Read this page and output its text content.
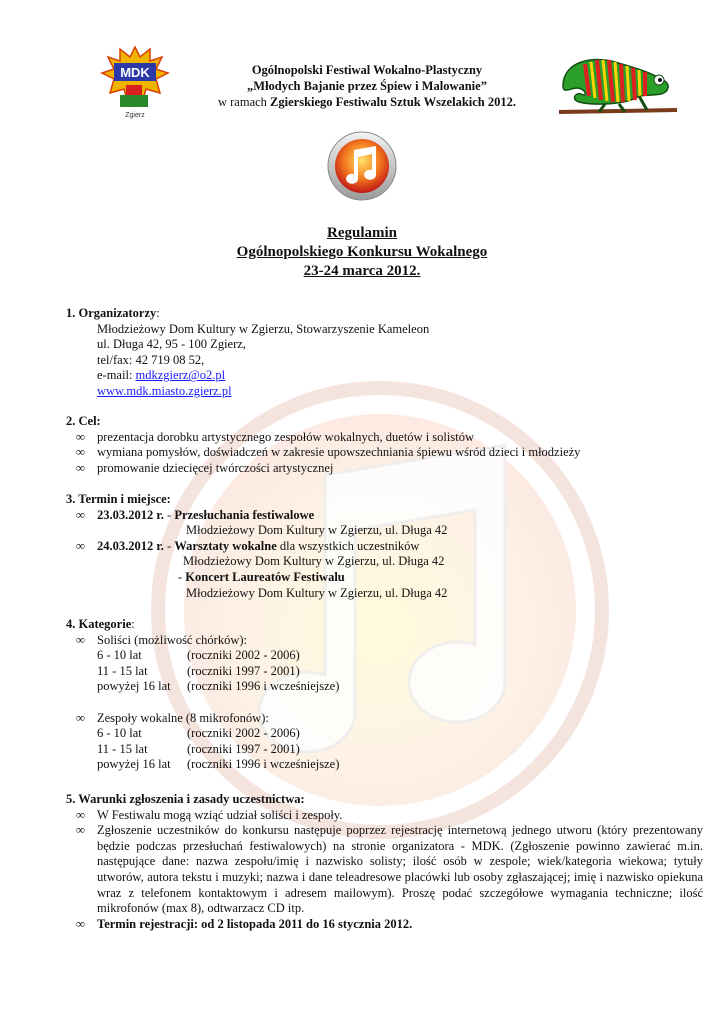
MDK
Zgierz
Ogólnopolski Festiwal Wokalno-Plastyczny
„Młodych Bajanie przez Śpiew i Malowanie”
w ramach Zgierskiego Festiwalu Sztuk Wszelakich 2012.
Regulamin
Ogólnopolskiego Konkursu Wokalnego
23-24 marca 2012.
1. Organizatorzy:
Młodzieżowy Dom Kultury w Zgierzu, Stowarzyszenie Kameleon
ul. Długa 42, 95 - 100 Zgierz,
tel/fax: 42 719 08 52,
e-mail: mdkzgierz@o2.pl
www.mdk.miasto.zgierz.pl
2. Cel:
∞ prezentacja dorobku artystycznego zespołów wokalnych, duetów i solistów
∞ wymiana pomysłów, doświadczeń w zakresie upowszechniania śpiewu wśród dzieci i młodzieży
∞ promowanie dziecięcej twórczości artystycznej
3. Termin i miejsce:
∞ 23.03.2012 r. - Przesłuchania festiwalowe
Młodzieżowy Dom Kultury w Zgierzu, ul. Długa 42
∞ 24.03.2012 r. - Warsztaty wokalne dla wszystkich uczestników
Młodzieżowy Dom Kultury w Zgierzu, ul. Długa 42
- Koncert Laureatów Festiwalu
Młodzieżowy Dom Kultury w Zgierzu, ul. Długa 42
4. Kategorie:
∞ Soliści (możliwość chórków):
6 - 10 lat	(roczniki 2002 - 2006)
11 - 15 lat	(roczniki 1997 - 2001)
powyżej 16 lat	(roczniki 1996 i wcześniejsze)
∞ Zespoły wokalne (8 mikrofonów):
6 - 10 lat	(roczniki 2002 - 2006)
11 - 15 lat	(roczniki 1997 - 2001)
powyżej 16 lat	(roczniki 1996 i wcześniejsze)
5. Warunki zgłoszenia i zasady uczestnictwa:
∞ W Festiwalu mogą wziąć udział soliści i zespoły.
∞ Zgłoszenie uczestników do konkursu następuje poprzez rejestrację internetową jednego utworu (który prezentowany będzie podczas przesłuchań festiwalowych) na stronie organizatora - MDK. (Zgłoszenie powinno zawierać m.in. następujące dane: nazwa zespołu/imię i nazwisko solisty; ilość osób w zespole; wiek/kategoria wiekowa; tytuły utworów, autora tekstu i muzyki; nazwa i dane teleadresowe placówki lub osoby zgłaszającej; imię i nazwisko opiekuna wraz z telefonem kontaktowym i adresem mailowym). Proszę podać szczegółowe wymagania techniczne; ilość mikrofonów (max 8), odtwarzacz CD itp.
∞ Termin rejestracji: od 2 listopada 2011 do 16 stycznia 2012.
